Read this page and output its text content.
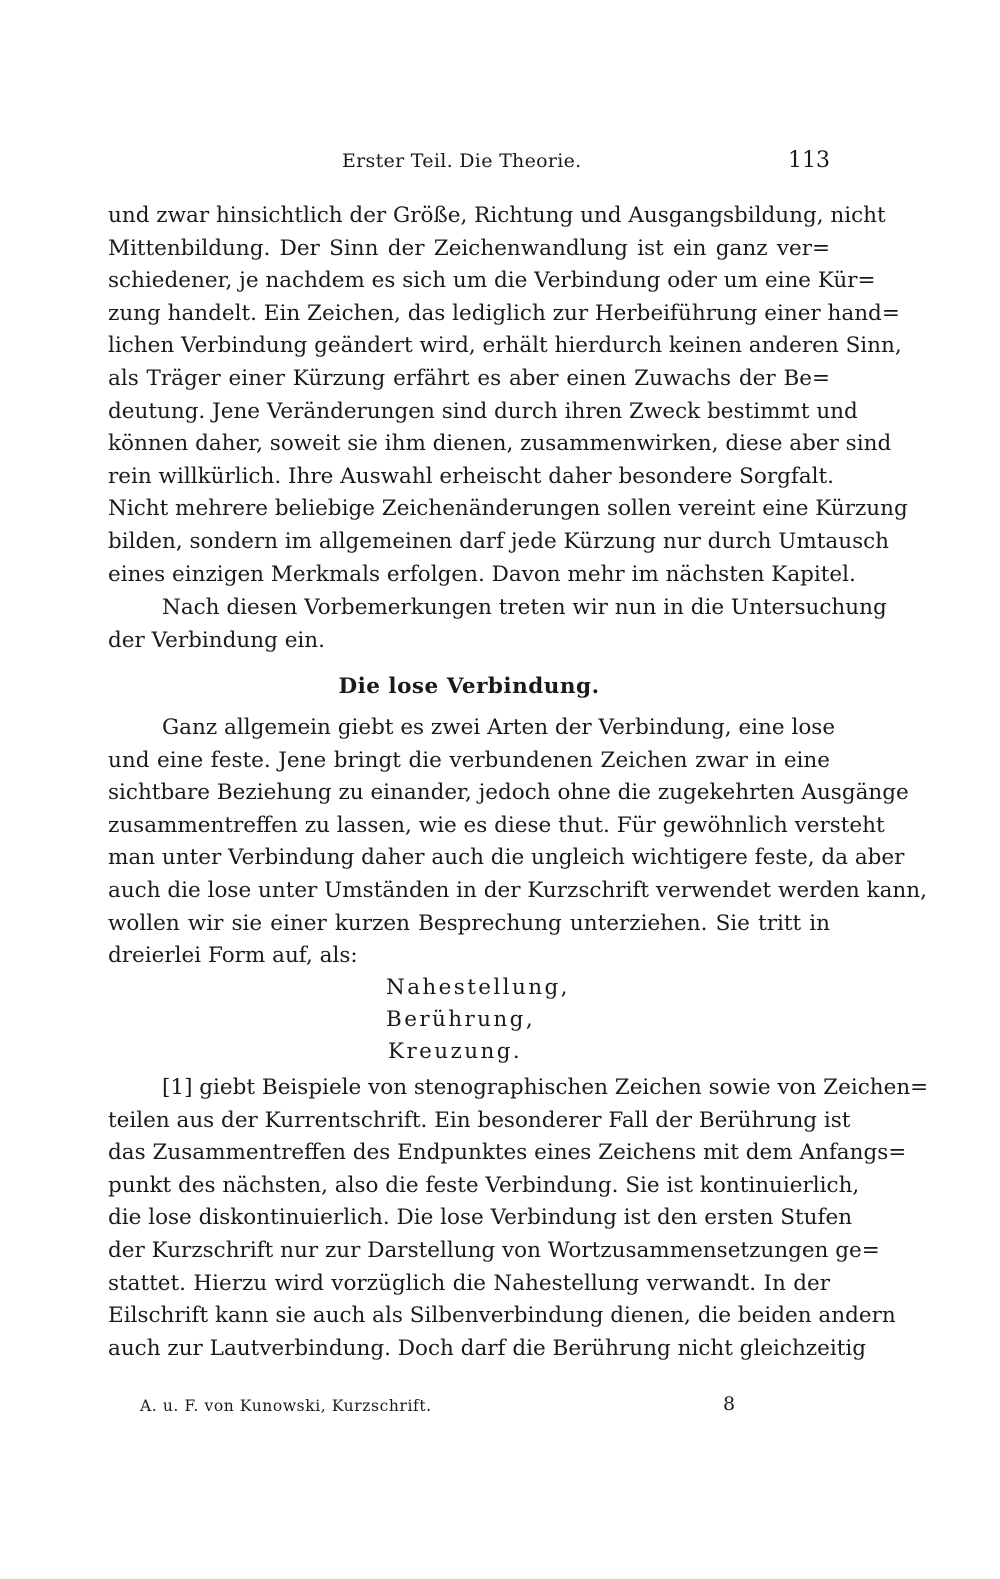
Erster Teil. Die Theorie.	113
und zwar hinsichtlich der Größe, Richtung und Ausgangsbildung, nicht
Mittenbildung. Der Sinn der Zeichenwandlung ist ein ganz ver=
schiedener, je nachdem es sich um die Verbindung oder um eine Kür=
zung handelt. Ein Zeichen, das lediglich zur Herbeiführung einer hand=
lichen Verbindung geändert wird, erhält hierdurch keinen anderen Sinn,
als Träger einer Kürzung erfährt es aber einen Zuwachs der Be=
deutung. Jene Veränderungen sind durch ihren Zweck bestimmt und
können daher, soweit sie ihm dienen, zusammenwirken, diese aber sind
rein willkürlich. Ihre Auswahl erheischt daher besondere Sorgfalt.
Nicht mehrere beliebige Zeichenänderungen sollen vereint eine Kürzung
bilden, sondern im allgemeinen darf jede Kürzung nur durch Umtausch
eines einzigen Merkmals erfolgen. Davon mehr im nächsten Kapitel.
Nach diesen Vorbemerkungen treten wir nun in die Untersuchung
der Verbindung ein.
Die lose Verbindung.
Ganz allgemein giebt es zwei Arten der Verbindung, eine lose
und eine feste. Jene bringt die verbundenen Zeichen zwar in eine
sichtbare Beziehung zu einander, jedoch ohne die zugekehrten Ausgänge
zusammentreffen zu lassen, wie es diese thut. Für gewöhnlich versteht
man unter Verbindung daher auch die ungleich wichtigere feste, da aber
auch die lose unter Umständen in der Kurzschrift verwendet werden kann,
wollen wir sie einer kurzen Besprechung unterziehen. Sie tritt in
dreierlei Form auf, als:
Nahestellung,
Berührung,
Kreuzung.
[1] giebt Beispiele von stenographischen Zeichen sowie von Zeichen=
teilen aus der Kurrentschrift. Ein besonderer Fall der Berührung ist
das Zusammentreffen des Endpunktes eines Zeichens mit dem Anfangs=
punkt des nächsten, also die feste Verbindung. Sie ist kontinuierlich,
die lose diskontinuierlich. Die lose Verbindung ist den ersten Stufen
der Kurzschrift nur zur Darstellung von Wortzusammensetzungen ge=
stattet. Hierzu wird vorzüglich die Nahestellung verwandt. In der
Eilschrift kann sie auch als Silbenverbindung dienen, die beiden andern
auch zur Lautverbindung. Doch darf die Berührung nicht gleichzeitig
A. u. F. von Kunowski, Kurzschrift.	8
